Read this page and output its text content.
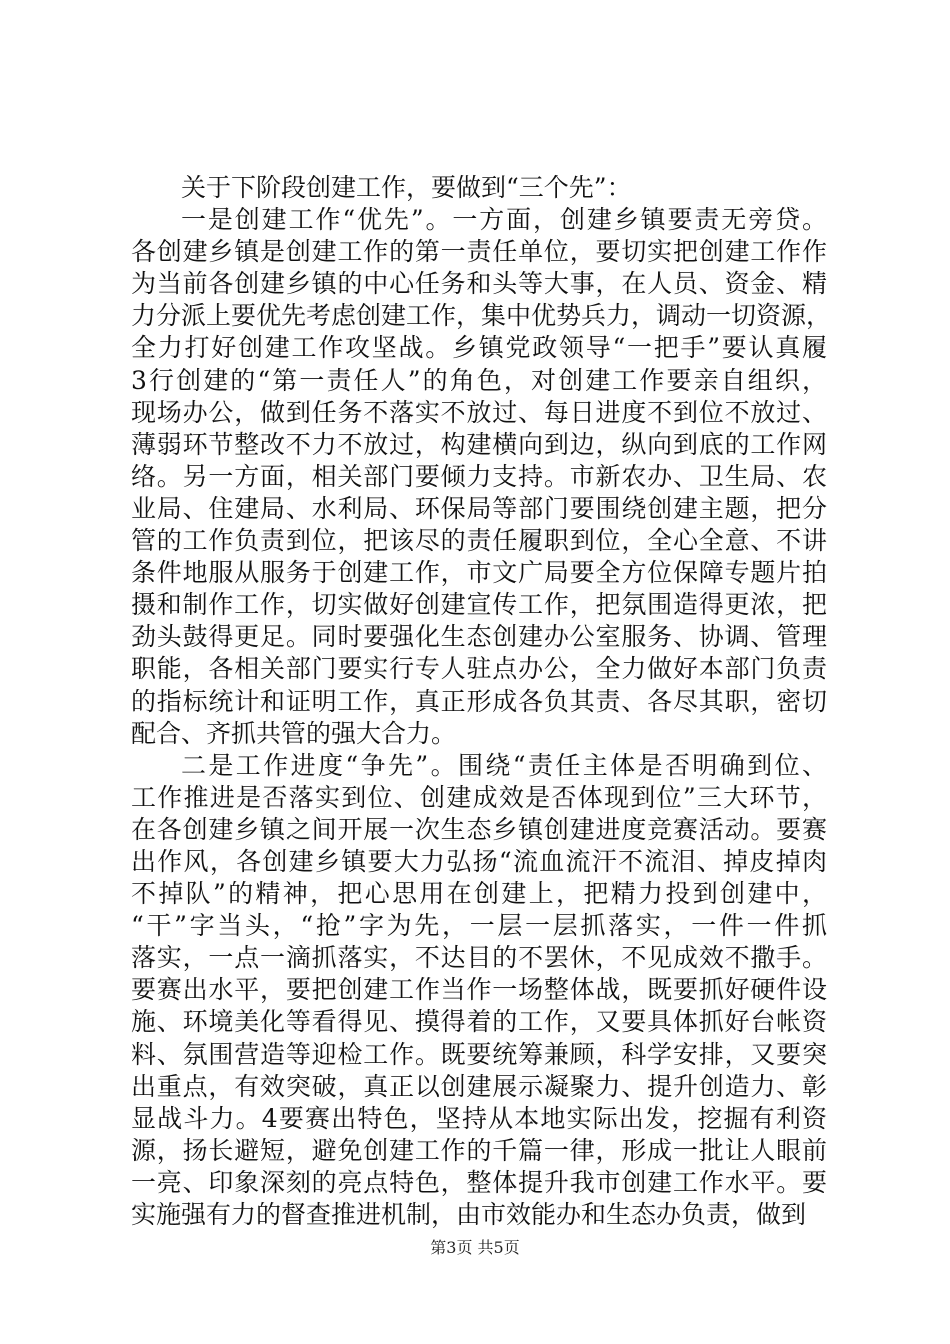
关于下阶段创建工作，要做到“三个先”：
一是创建工作“优先”。一方面，创建乡镇要责无旁贷。
各创建乡镇是创建工作的第一责任单位，要切实把创建工作作
为当前各创建乡镇的中心任务和头等大事，在人员、资金、精
力分派上要优先考虑创建工作，集中优势兵力，调动一切资源，
全力打好创建工作攻坚战。乡镇党政领导“一把手”要认真履
3行创建的“第一责任人”的角色，对创建工作要亲自组织，
现场办公，做到任务不落实不放过、每日进度不到位不放过、
薄弱环节整改不力不放过，构建横向到边，纵向到底的工作网
络。另一方面，相关部门要倾力支持。市新农办、卫生局、农
业局、住建局、水利局、环保局等部门要围绕创建主题，把分
管的工作负责到位，把该尽的责任履职到位，全心全意、不讲
条件地服从服务于创建工作，市文广局要全方位保障专题片拍
摄和制作工作，切实做好创建宣传工作，把氛围造得更浓，把
劲头鼓得更足。同时要强化生态创建办公室服务、协调、管理
职能，各相关部门要实行专人驻点办公，全力做好本部门负责
的指标统计和证明工作，真正形成各负其责、各尽其职，密切
配合、齐抓共管的强大合力。
二是工作进度“争先”。围绕“责任主体是否明确到位、
工作推进是否落实到位、创建成效是否体现到位”三大环节，
在各创建乡镇之间开展一次生态乡镇创建进度竞赛活动。要赛
出作风，各创建乡镇要大力弘扬“流血流汗不流泪、掉皮掉肉
不掉队”的精神，把心思用在创建上，把精力投到创建中，
“干”字当头，“抢”字为先，一层一层抓落实，一件一件抓
落实，一点一滴抓落实，不达目的不罢休，不见成效不撒手。
要赛出水平，要把创建工作当作一场整体战，既要抓好硬件设
施、环境美化等看得见、摸得着的工作，又要具体抓好台帐资
料、氛围营造等迎检工作。既要统筹兼顾，科学安排，又要突
出重点，有效突破，真正以创建展示凝聚力、提升创造力、彰
显战斗力。4要赛出特色，坚持从本地实际出发，挖掘有利资
源，扬长避短，避免创建工作的千篇一律，形成一批让人眼前
一亮、印象深刻的亮点特色，整体提升我市创建工作水平。要
实施强有力的督查推进机制，由市效能办和生态办负责，做到
第3页 共5页
